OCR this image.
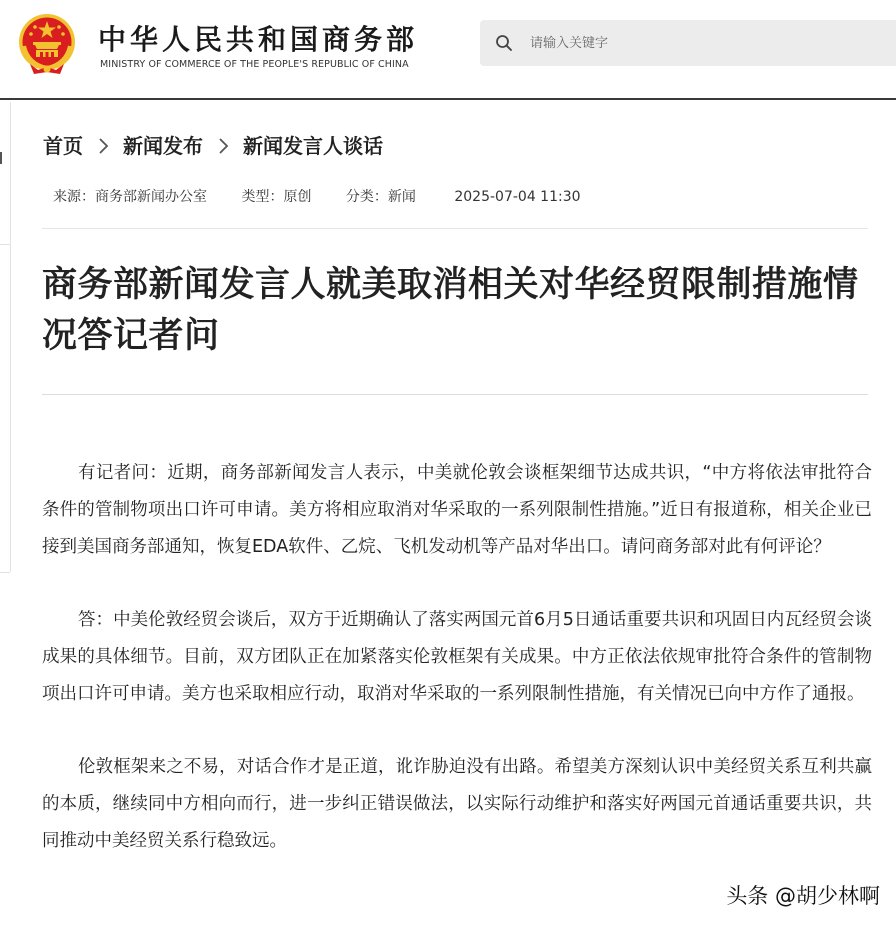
中华人民共和国商务部
MINISTRY OF COMMERCE OF THE PEOPLE'S REPUBLIC OF CHINA
请输入关键字
首页 新闻发布 新闻发言人谈话
来源：商务部新闻办公室 类型：原创 分类：新闻	2025-07-04 11:30
商务部新闻发言人就美取消相关对华经贸限制措施情况答记者问

有记者问：近期，商务部新闻发言人表示，中美就伦敦会谈框架细节达成共识，“中方将依法审批符合条件的管制物项出口许可申请。美方将相应取消对华采取的一系列限制性措施。”近日有报道称，相关企业已接到美国商务部通知，恢复EDA软件、乙烷、飞机发动机等产品对华出口。请问商务部对此有何评论？

答：中美伦敦经贸会谈后，双方于近期确认了落实两国元首6月5日通话重要共识和巩固日内瓦经贸会谈成果的具体细节。目前，双方团队正在加紧落实伦敦框架有关成果。中方正依法依规审批符合条件的管制物项出口许可申请。美方也采取相应行动，取消对华采取的一系列限制性措施，有关情况已向中方作了通报。

伦敦框架来之不易，对话合作才是正道，讹诈胁迫没有出路。希望美方深刻认识中美经贸关系互利共赢的本质，继续同中方相向而行，进一步纠正错误做法，以实际行动维护和落实好两国元首通话重要共识，共同推动中美经贸关系行稳致远。

头条 @胡少林啊
